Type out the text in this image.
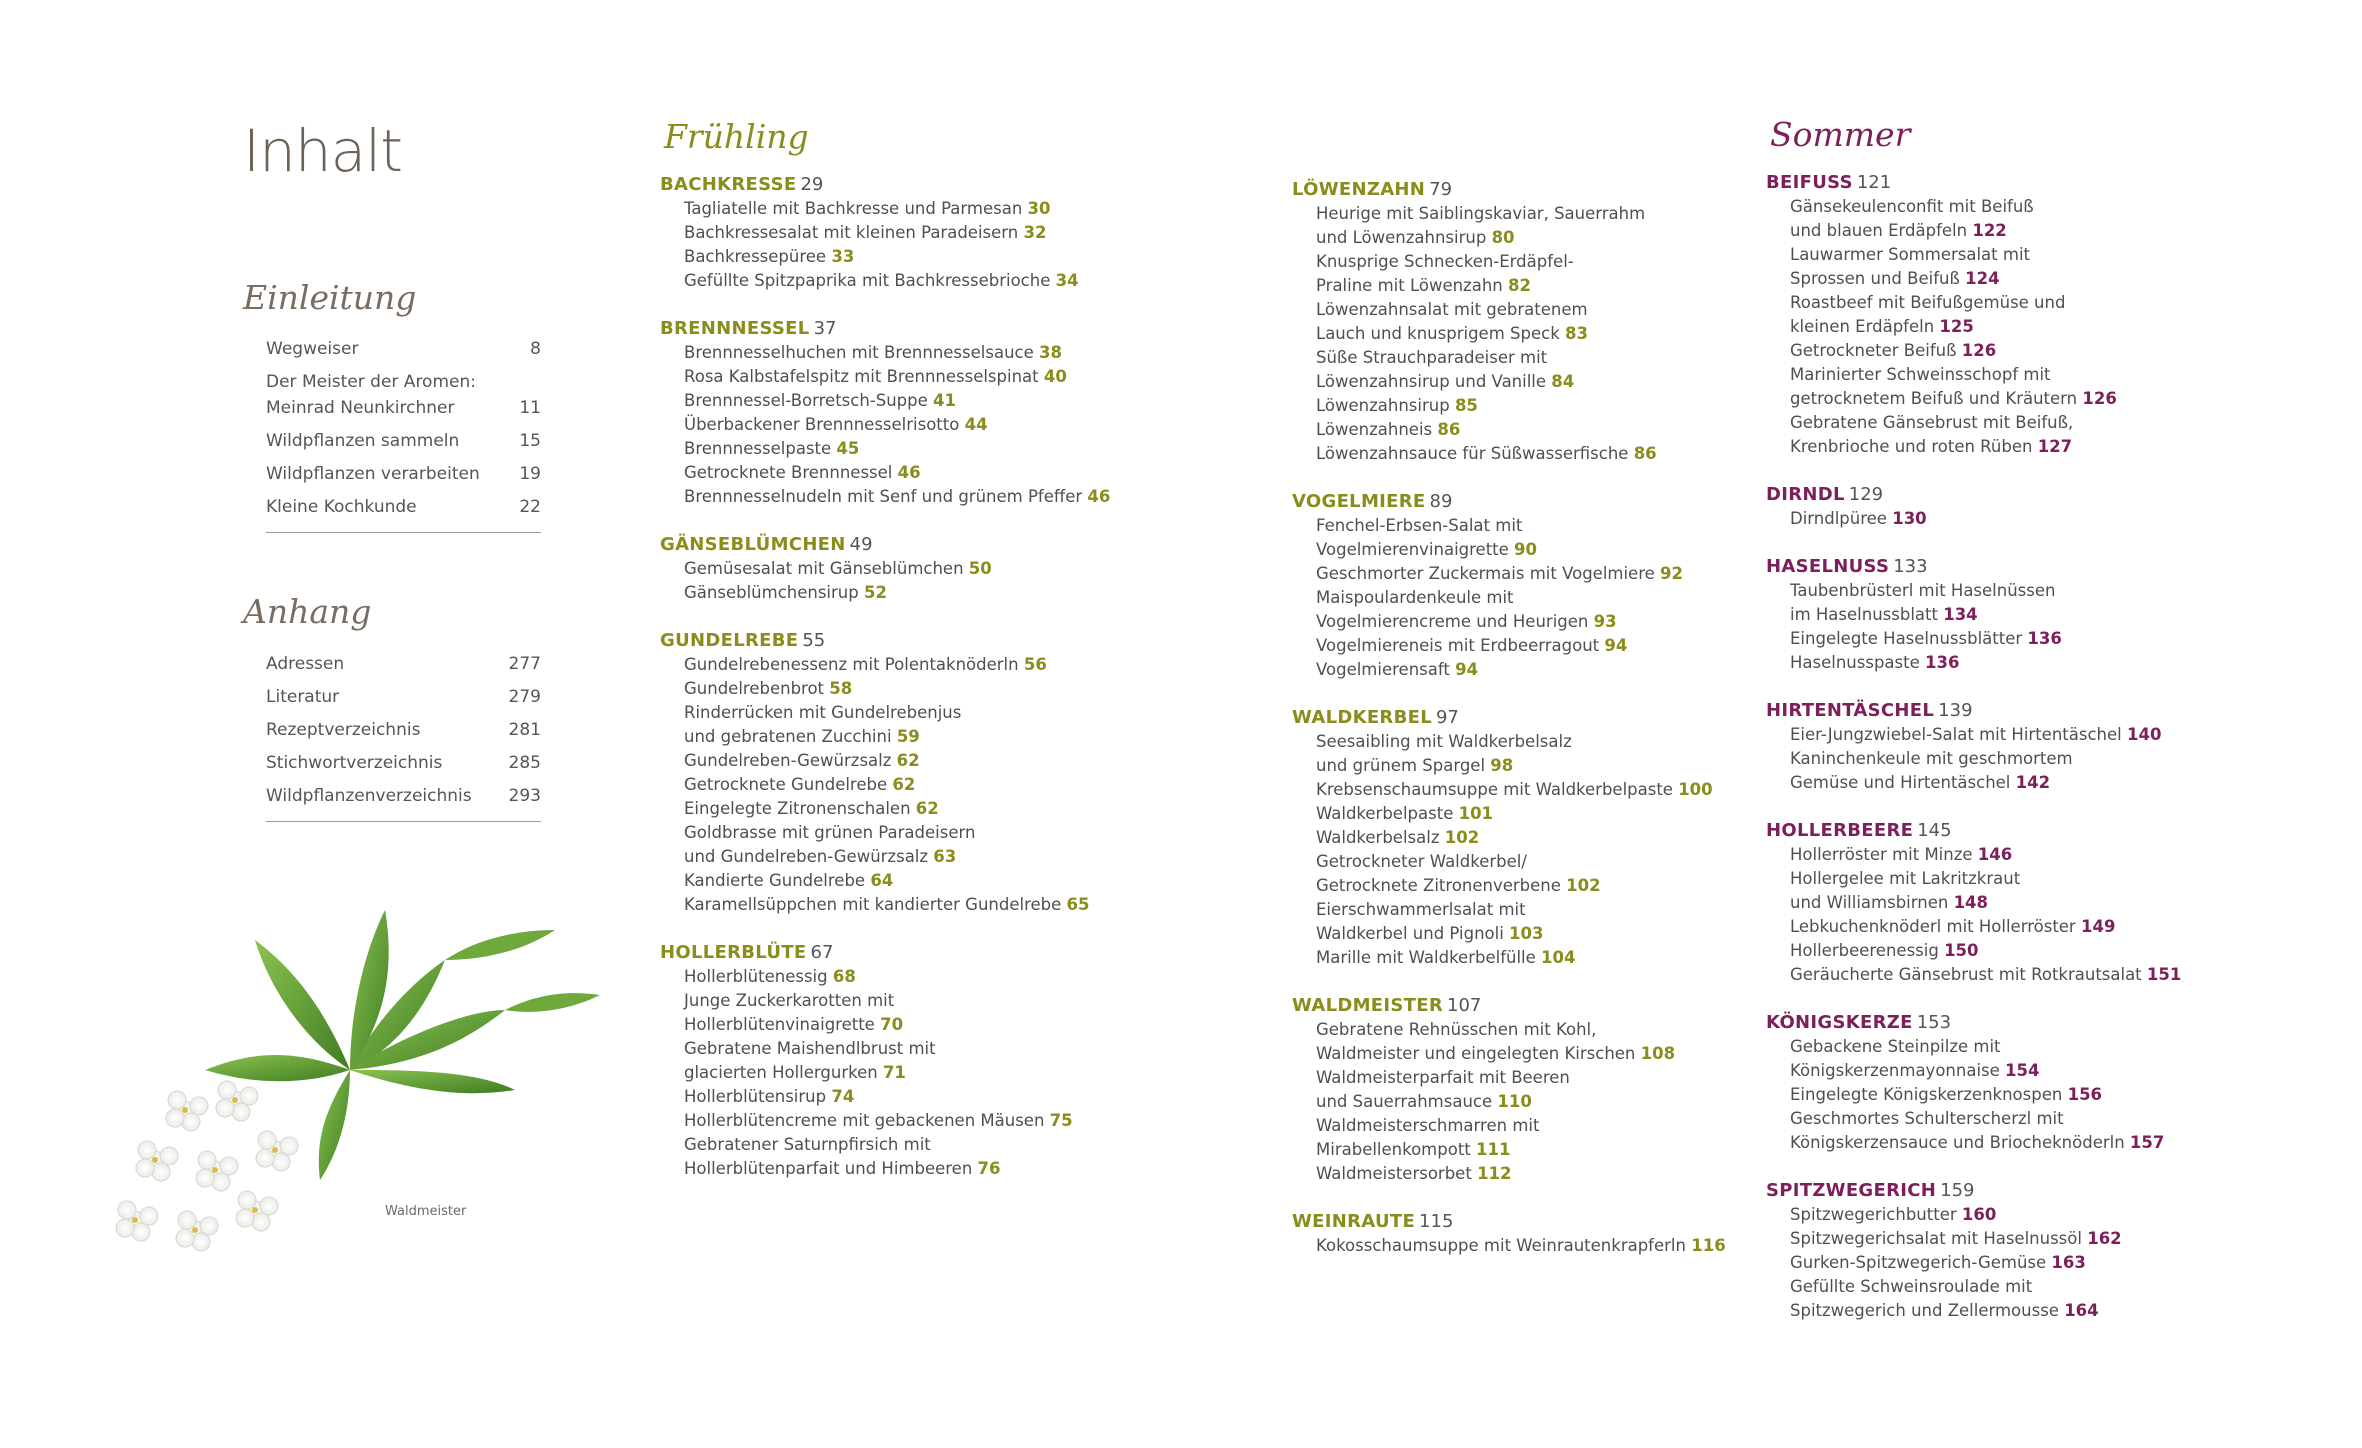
Inhalt
Einleitung
Wegweiser	8
Der Meister der Aromen:
Meinrad Neunkirchner	11
Wildpflanzen sammeln	15
Wildpflanzen verarbeiten	19
Kleine Kochkunde	22
Anhang
Adressen	277
Literatur	279
Rezeptverzeichnis	281
Stichwortverzeichnis	285
Wildpflanzenverzeichnis	293
Waldmeister
Frühling
BACHKRESSE 29
Tagliatelle mit Bachkresse und Parmesan 30
Bachkressesalat mit kleinen Paradeisern 32
Bachkressepüree 33
Gefüllte Spitzpaprika mit Bachkressebrioche 34
BRENNNESSEL 37
Brennnesselhuchen mit Brennnesselsauce 38
Rosa Kalbstafelspitz mit Brennnesselspinat 40
Brennnessel-Borretsch-Suppe 41
Überbackener Brennnesselrisotto 44
Brennnesselpaste 45
Getrocknete Brennnessel 46
Brennnesselnudeln mit Senf und grünem Pfeffer 46
GÄNSEBLÜMCHEN 49
Gemüsesalat mit Gänseblümchen 50
Gänseblümchensirup 52
GUNDELREBE 55
Gundelrebenessenz mit Polentaknöderln 56
Gundelrebenbrot 58
Rinderrücken mit Gundelrebenjus
und gebratenen Zucchini 59
Gundelreben-Gewürzsalz 62
Getrocknete Gundelrebe 62
Eingelegte Zitronenschalen 62
Goldbrasse mit grünen Paradeisern
und Gundelreben-Gewürzsalz 63
Kandierte Gundelrebe 64
Karamellsüppchen mit kandierter Gundelrebe 65
HOLLERBLÜTE 67
Hollerblütenessig 68
Junge Zuckerkarotten mit
Hollerblütenvinaigrette 70
Gebratene Maishendlbrust mit
glacierten Hollergurken 71
Hollerblütensirup 74
Hollerblütencreme mit gebackenen Mäusen 75
Gebratener Saturnpfirsich mit
Hollerblütenparfait und Himbeeren 76
LÖWENZAHN 79
Heurige mit Saiblingskaviar, Sauerrahm
und Löwenzahnsirup 80
Knusprige Schnecken-Erdäpfel-
Praline mit Löwenzahn 82
Löwenzahnsalat mit gebratenem
Lauch und knusprigem Speck 83
Süße Strauchparadeiser mit
Löwenzahnsirup und Vanille 84
Löwenzahnsirup 85
Löwenzahneis 86
Löwenzahnsauce für Süßwasserfische 86
VOGELMIERE 89
Fenchel-Erbsen-Salat mit
Vogelmierenvinaigrette 90
Geschmorter Zuckermais mit Vogelmiere 92
Maispoulardenkeule mit
Vogelmierencreme und Heurigen 93
Vogelmiereneis mit Erdbeerragout 94
Vogelmierensaft 94
WALDKERBEL 97
Seesaibling mit Waldkerbelsalz
und grünem Spargel 98
Krebsenschaumsuppe mit Waldkerbelpaste 100
Waldkerbelpaste 101
Waldkerbelsalz 102
Getrockneter Waldkerbel/
Getrocknete Zitronenverbene 102
Eierschwammerlsalat mit
Waldkerbel und Pignoli 103
Marille mit Waldkerbelfülle 104
WALDMEISTER 107
Gebratene Rehnüsschen mit Kohl,
Waldmeister und eingelegten Kirschen 108
Waldmeisterparfait mit Beeren
und Sauerrahmsauce 110
Waldmeisterschmarren mit
Mirabellenkompott 111
Waldmeistersorbet 112
WEINRAUTE 115
Kokosschaumsuppe mit Weinrautenkrapferln 116
Sommer
BEIFUSS 121
Gänsekeulenconfit mit Beifuß
und blauen Erdäpfeln 122
Lauwarmer Sommersalat mit
Sprossen und Beifuß 124
Roastbeef mit Beifußgemüse und
kleinen Erdäpfeln 125
Getrockneter Beifuß 126
Marinierter Schweinsschopf mit
getrocknetem Beifuß und Kräutern 126
Gebratene Gänsebrust mit Beifuß,
Krenbrioche und roten Rüben 127
DIRNDL 129
Dirndlpüree 130
HASELNUSS 133
Taubenbrüsterl mit Haselnüssen
im Haselnussblatt 134
Eingelegte Haselnussblätter 136
Haselnusspaste 136
HIRTENTÄSCHEL 139
Eier-Jungzwiebel-Salat mit Hirtentäschel 140
Kaninchenkeule mit geschmortem
Gemüse und Hirtentäschel 142
HOLLERBEERE 145
Hollerröster mit Minze 146
Hollergelee mit Lakritzkraut
und Williamsbirnen 148
Lebkuchenknöderl mit Hollerröster 149
Hollerbeerenessig 150
Geräucherte Gänsebrust mit Rotkrautsalat 151
KÖNIGSKERZE 153
Gebackene Steinpilze mit
Königskerzenmayonnaise 154
Eingelegte Königskerzenknospen 156
Geschmortes Schulterscherzl mit
Königskerzensauce und Briocheknöderln 157
SPITZWEGERICH 159
Spitzwegerichbutter 160
Spitzwegerichsalat mit Haselnussöl 162
Gurken-Spitzwegerich-Gemüse 163
Gefüllte Schweinsroulade mit
Spitzwegerich und Zellermousse 164
